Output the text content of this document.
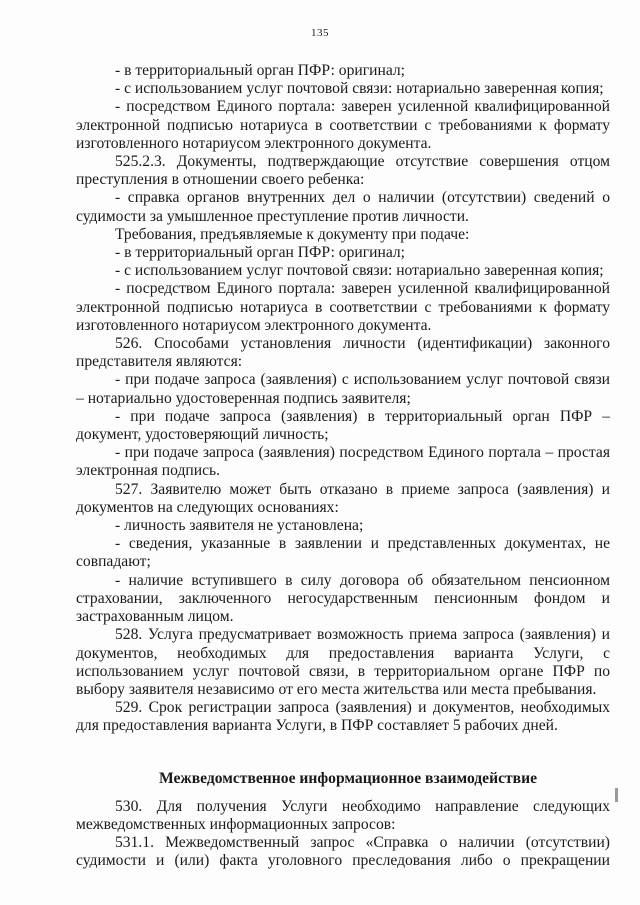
135

- в территориальный орган ПФР: оригинал;

- с использованием услуг почтовой связи: нотариально заверенная копия;

- посредством Единого портала: заверен усиленной квалифицированной электронной подписью нотариуса в соответствии с требованиями к формату изготовленного нотариусом электронного документа.

525.2.3. Документы, подтверждающие отсутствие совершения отцом преступления в отношении своего ребенка:

- справка органов внутренних дел о наличии (отсутствии) сведений о судимости за умышленное преступление против личности.

Требования, предъявляемые к документу при подаче:

- в территориальный орган ПФР: оригинал;

- с использованием услуг почтовой связи: нотариально заверенная копия;

- посредством Единого портала: заверен усиленной квалифицированной электронной подписью нотариуса в соответствии с требованиями к формату изготовленного нотариусом электронного документа.

526. Способами установления личности (идентификации) законного представителя являются:

- при подаче запроса (заявления) с использованием услуг почтовой связи – нотариально удостоверенная подпись заявителя;

- при подаче запроса (заявления) в территориальный орган ПФР – документ, удостоверяющий личность;

- при подаче запроса (заявления) посредством Единого портала – простая электронная подпись.

527. Заявителю может быть отказано в приеме запроса (заявления) и документов на следующих основаниях:

- личность заявителя не установлена;

- сведения, указанные в заявлении и представленных документах, не совпадают;

- наличие вступившего в силу договора об обязательном пенсионном страховании, заключенного негосударственным пенсионным фондом и застрахованным лицом.

528. Услуга предусматривает возможность приема запроса (заявления) и документов, необходимых для предоставления варианта Услуги, с использованием услуг почтовой связи, в территориальном органе ПФР по выбору заявителя независимо от его места жительства или места пребывания.

529. Срок регистрации запроса (заявления) и документов, необходимых для предоставления варианта Услуги, в ПФР составляет 5 рабочих дней.

Межведомственное информационное взаимодействие

530. Для получения Услуги необходимо направление следующих межведомственных информационных запросов:

531.1. Межведомственный запрос «Справка о наличии (отсутствии) судимости и (или) факта уголовного преследования либо о прекращении
